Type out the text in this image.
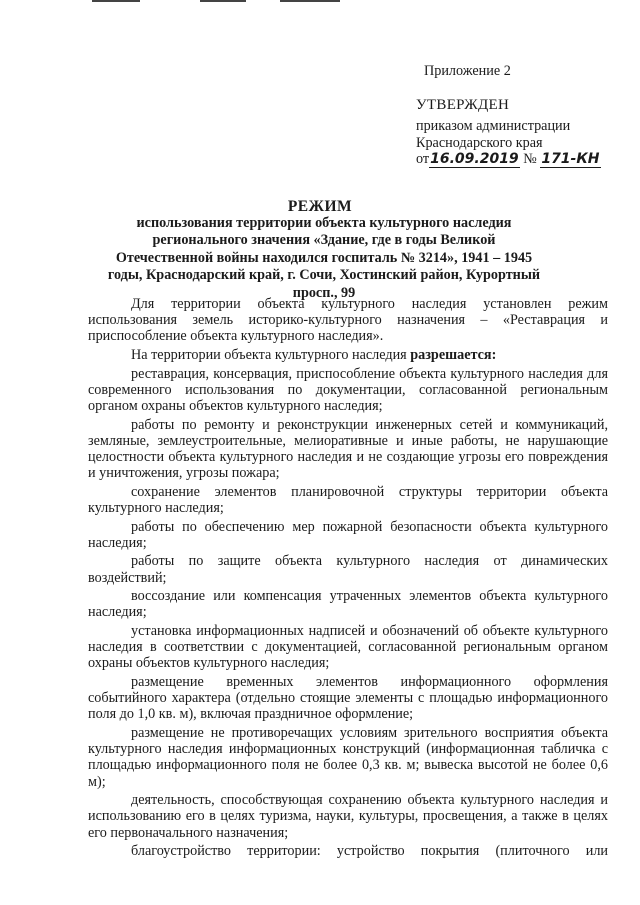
Приложение 2
УТВЕРЖДЕН
приказом администрации
Краснодарского края
от16.09.2019 № 171-КН
РЕЖИМ
использования территории объекта культурного наследия регионального значения «Здание, где в годы Великой Отечественной войны находился госпиталь № 3214», 1941 – 1945 годы, Краснодарский край, г. Сочи, Хостинский район, Курортный просп., 99

Для территории объекта культурного наследия установлен режим использования земель историко-культурного назначения – «Реставрация и приспособление объекта культурного наследия».

На территории объекта культурного наследия разрешается:

реставрация, консервация, приспособление объекта культурного наследия для современного использования по документации, согласованной региональным органом охраны объектов культурного наследия;

работы по ремонту и реконструкции инженерных сетей и коммуникаций, земляные, землеустроительные, мелиоративные и иные работы, не нарушающие целостности объекта культурного наследия и не создающие угрозы его повреждения и уничтожения, угрозы пожара;

сохранение элементов планировочной структуры территории объекта культурного наследия;

работы по обеспечению мер пожарной безопасности объекта культурного наследия;

работы по защите объекта культурного наследия от динамических воздействий;

воссоздание или компенсация утраченных элементов объекта культурного наследия;

установка информационных надписей и обозначений об объекте культурного наследия в соответствии с документацией, согласованной региональным органом охраны объектов культурного наследия;

размещение временных элементов информационного оформления событийного характера (отдельно стоящие элементы с площадью информационного поля до 1,0 кв. м), включая праздничное оформление;

размещение не противоречащих условиям зрительного восприятия объекта культурного наследия информационных конструкций (информационная табличка с площадью информационного поля не более 0,3 кв. м; вывеска высотой не более 0,6 м);

деятельность, способствующая сохранению объекта культурного наследия и использованию его в целях туризма, науки, культуры, просвещения, а также в целях его первоначального назначения;

благоустройство территории: устройство покрытия (плиточного или
